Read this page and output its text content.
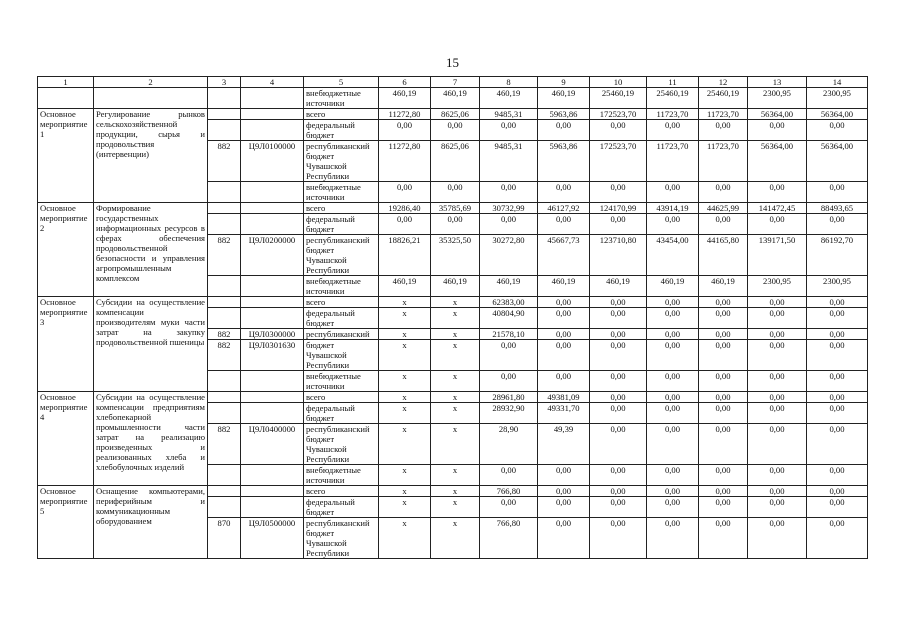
15
1	2	3	4	5	6	7	8	9	10	11	12	13	14
				внебюджетные источники	460,19	460,19	460,19	460,19	25460,19	25460,19	25460,19	2300,95	2300,95
Основное мероприятие 1	Регулирование рынков сельскохозяйственной продукции, сырья и продовольствия (интервенции)			всего	11272,80	8625,06	9485,31	5963,86	172523,70	11723,70	11723,70	56364,00	56364,00
				федеральный бюджет	0,00	0,00	0,00	0,00	0,00	0,00	0,00	0,00	0,00
		882	Ц9Л0100000	республиканский бюджет Чувашской Республики	11272,80	8625,06	9485,31	5963,86	172523,70	11723,70	11723,70	56364,00	56364,00
				внебюджетные источники	0,00	0,00	0,00	0,00	0,00	0,00	0,00	0,00	0,00
Основное мероприятие 2	Формирование государственных информационных ресурсов в сферах обеспечения продовольственной безопасности и управления агропромышленным комплексом			всего	19286,40	35785,69	30732,99	46127,92	124170,99	43914,19	44625,99	141472,45	88493,65
				федеральный бюджет	0,00	0,00	0,00	0,00	0,00	0,00	0,00	0,00	0,00
		882	Ц9Л0200000	республиканский бюджет Чувашской Республики	18826,21	35325,50	30272,80	45667,73	123710,80	43454,00	44165,80	139171,50	86192,70
				внебюджетные источники	460,19	460,19	460,19	460,19	460,19	460,19	460,19	2300,95	2300,95
Основное мероприятие 3	Субсидии на осуществление компенсации производителям муки части затрат на закупку продовольственной пшеницы			всего	x	x	62383,00	0,00	0,00	0,00	0,00	0,00	0,00
				федеральный бюджет	x	x	40804,90	0,00	0,00	0,00	0,00	0,00	0,00
		882	Ц9Л0300000	республиканский	x	x	21578,10	0,00	0,00	0,00	0,00	0,00	0,00
		882	Ц9Л0301630	бюджет Чувашской Республики	x	x	0,00	0,00	0,00	0,00	0,00	0,00	0,00
				внебюджетные источники	x	x	0,00	0,00	0,00	0,00	0,00	0,00	0,00
Основное мероприятие 4	Субсидии на осуществление компенсации предприятиям хлебопекарной промышленности части затрат на реализацию произведенных и реализованных хлеба и хлебобулочных изделий			всего	x	x	28961,80	49381,09	0,00	0,00	0,00	0,00	0,00
				федеральный бюджет	x	x	28932,90	49331,70	0,00	0,00	0,00	0,00	0,00
		882	Ц9Л0400000	республиканский бюджет Чувашской Республики	x	x	28,90	49,39	0,00	0,00	0,00	0,00	0,00
				внебюджетные источники	x	x	0,00	0,00	0,00	0,00	0,00	0,00	0,00
Основное мероприятие 5	Оснащение компьютерами, периферийным и коммуникационным оборудованием			всего	x	x	766,80	0,00	0,00	0,00	0,00	0,00	0,00
				федеральный бюджет	x	x	0,00	0,00	0,00	0,00	0,00	0,00	0,00
		870	Ц9Л0500000	республиканский бюджет Чувашской Республики	x	x	766,80	0,00	0,00	0,00	0,00	0,00	0,00
